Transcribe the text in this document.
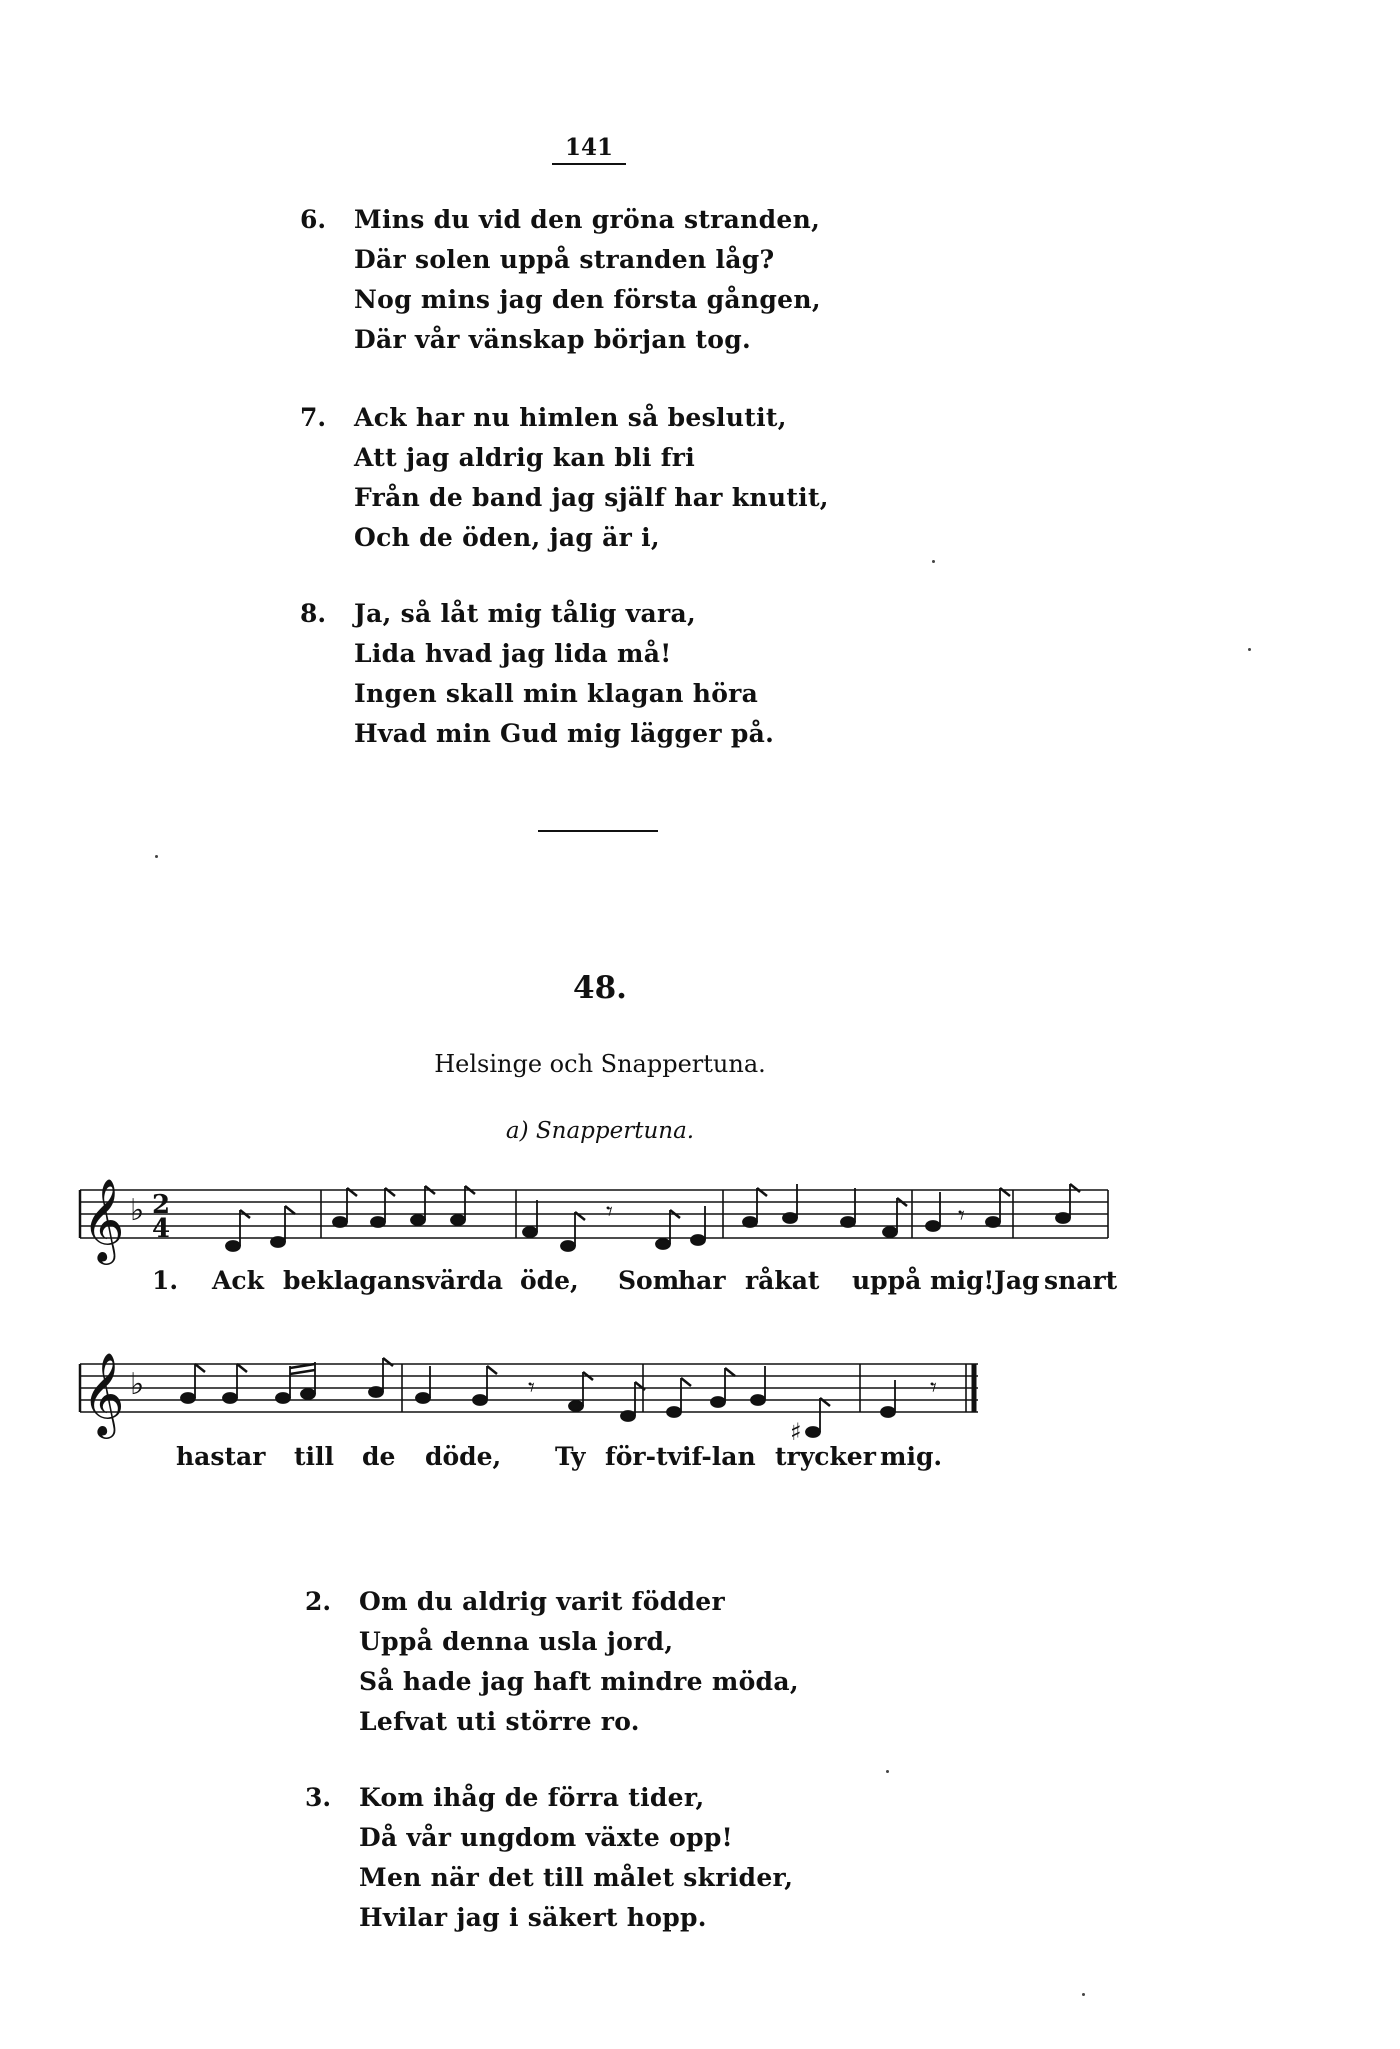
141
6.	Mins du vid den gröna stranden,
Där solen uppå stranden låg?
Nog mins jag den första gången,
Där vår vänskap början tog.
7.	Ack har nu himlen så beslutit,
Att jag aldrig kan bli fri
Från de band jag själf har knutit,
Och de öden, jag är i,
8.	Ja, så låt mig tålig vara,
Lida hvad jag lida må!
Ingen skall min klagan höra
Hvad min Gud mig lägger på.
48.
Helsinge och Snappertuna.
a) Snappertuna.
𝄞 ♭ 2
4
𝄾	𝄾
1. Ack beklagansvärda öde, Som
har råkat uppå mig! Jag snart
𝄞 ♭
♯
𝄾	𝄾
hastar till de döde, Ty för-tvif-lan trycker mig.
2.	Om du aldrig varit födder
Uppå denna usla jord,
Så hade jag haft mindre möda,
Lefvat uti större ro.
3.	Kom ihåg de förra tider,
Då vår ungdom växte opp!
Men när det till målet skrider,
Hvilar jag i säkert hopp.
